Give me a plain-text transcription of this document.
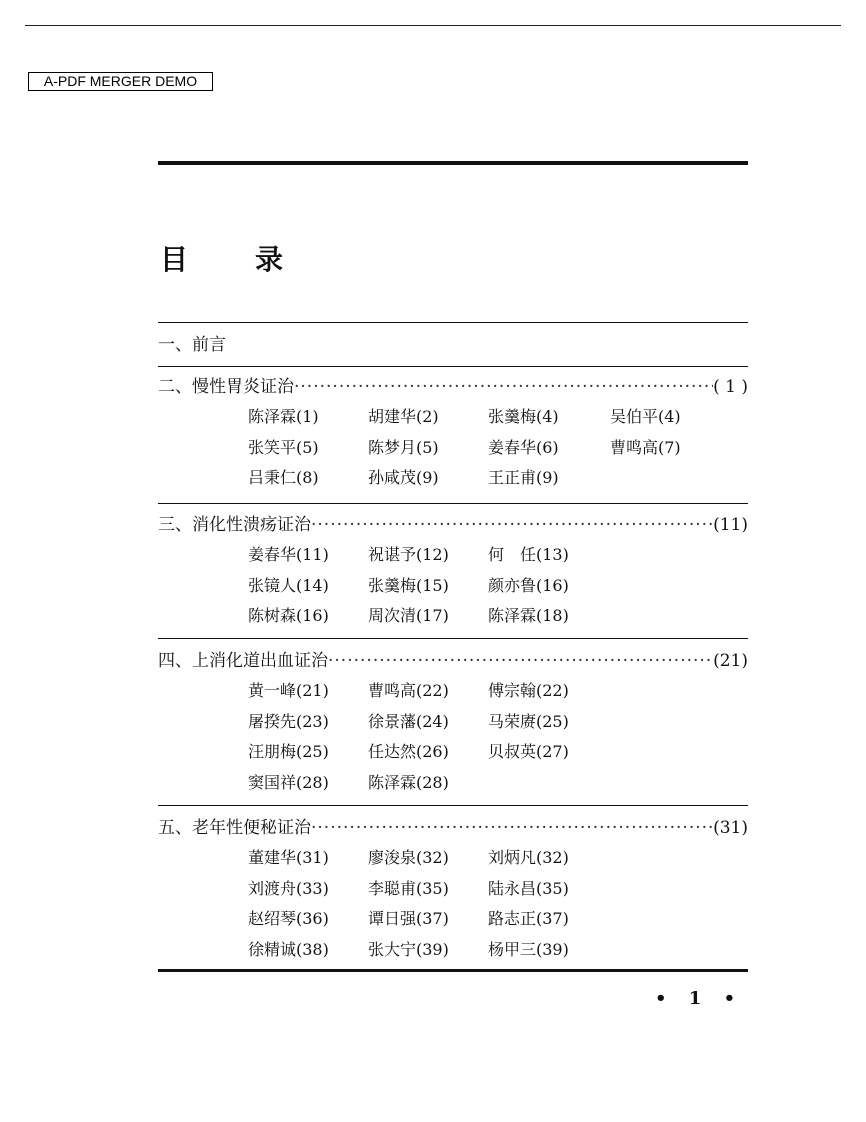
A-PDF MERGER DEMO
目 录
一、前言
二、慢性胃炎证治 ·····	( 1 )
陈泽霖(1)	胡建华(2)	张羹梅(4)	吴伯平(4)
张笑平(5)	陈梦月(5)	姜春华(6)	曹鸣高(7)
吕秉仁(8)	孙咸茂(9)	王正甫(9)
三、消化性溃疡证治 ·····	(11)
姜春华(11) 祝谌予(12) 何　任(13)
张镜人(14) 张羹梅(15) 颜亦鲁(16)
陈树森(16) 周次清(17) 陈泽霖(18)
四、上消化道出血证治 ·····	(21)
黄一峰(21) 曹鸣高(22) 傅宗翰(22)
屠揆先(23) 徐景藩(24) 马荣赓(25)
汪朋梅(25) 任达然(26) 贝叔英(27)
窦国祥(28) 陈泽霖(28)
五、老年性便秘证治 ·····	(31)
董建华(31) 廖浚泉(32) 刘炳凡(32)
刘渡舟(33) 李聪甫(35) 陆永昌(35)
赵绍琴(36) 谭日强(37) 路志正(37)
徐精诚(38) 张大宁(39) 杨甲三(39)
• 1 •
